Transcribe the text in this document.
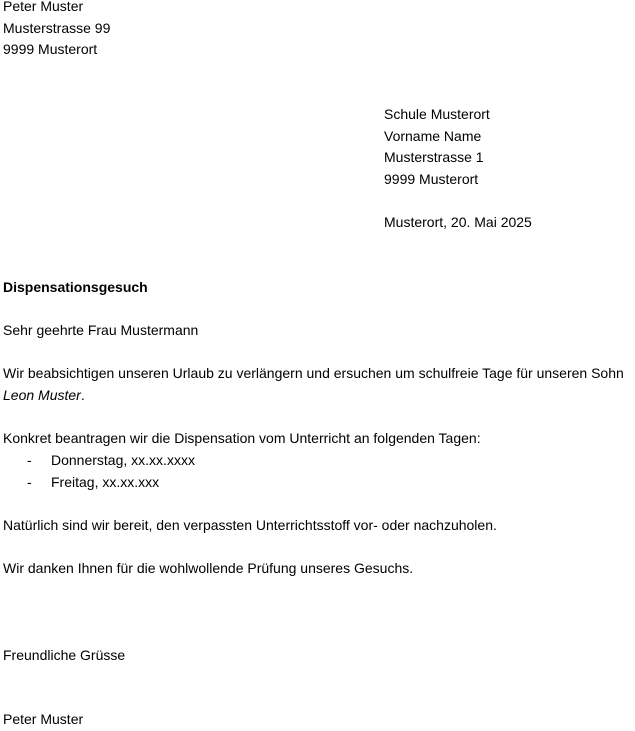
Peter Muster
Musterstrasse 99
9999 Musterort
Schule Musterort
Vorname Name
Musterstrasse 1
9999 Musterort
Musterort, 20. Mai 2025
Dispensationsgesuch
Sehr geehrte Frau Mustermann
Wir beabsichtigen unseren Urlaub zu verlängern und ersuchen um schulfreie Tage für unseren Sohn Leon Muster.
Konkret beantragen wir die Dispensation vom Unterricht an folgenden Tagen:
- Donnerstag, xx.xx.xxxx
- Freitag, xx.xx.xxx
Natürlich sind wir bereit, den verpassten Unterrichtsstoff vor- oder nachzuholen.
Wir danken Ihnen für die wohlwollende Prüfung unseres Gesuchs.
Freundliche Grüsse
Peter Muster
